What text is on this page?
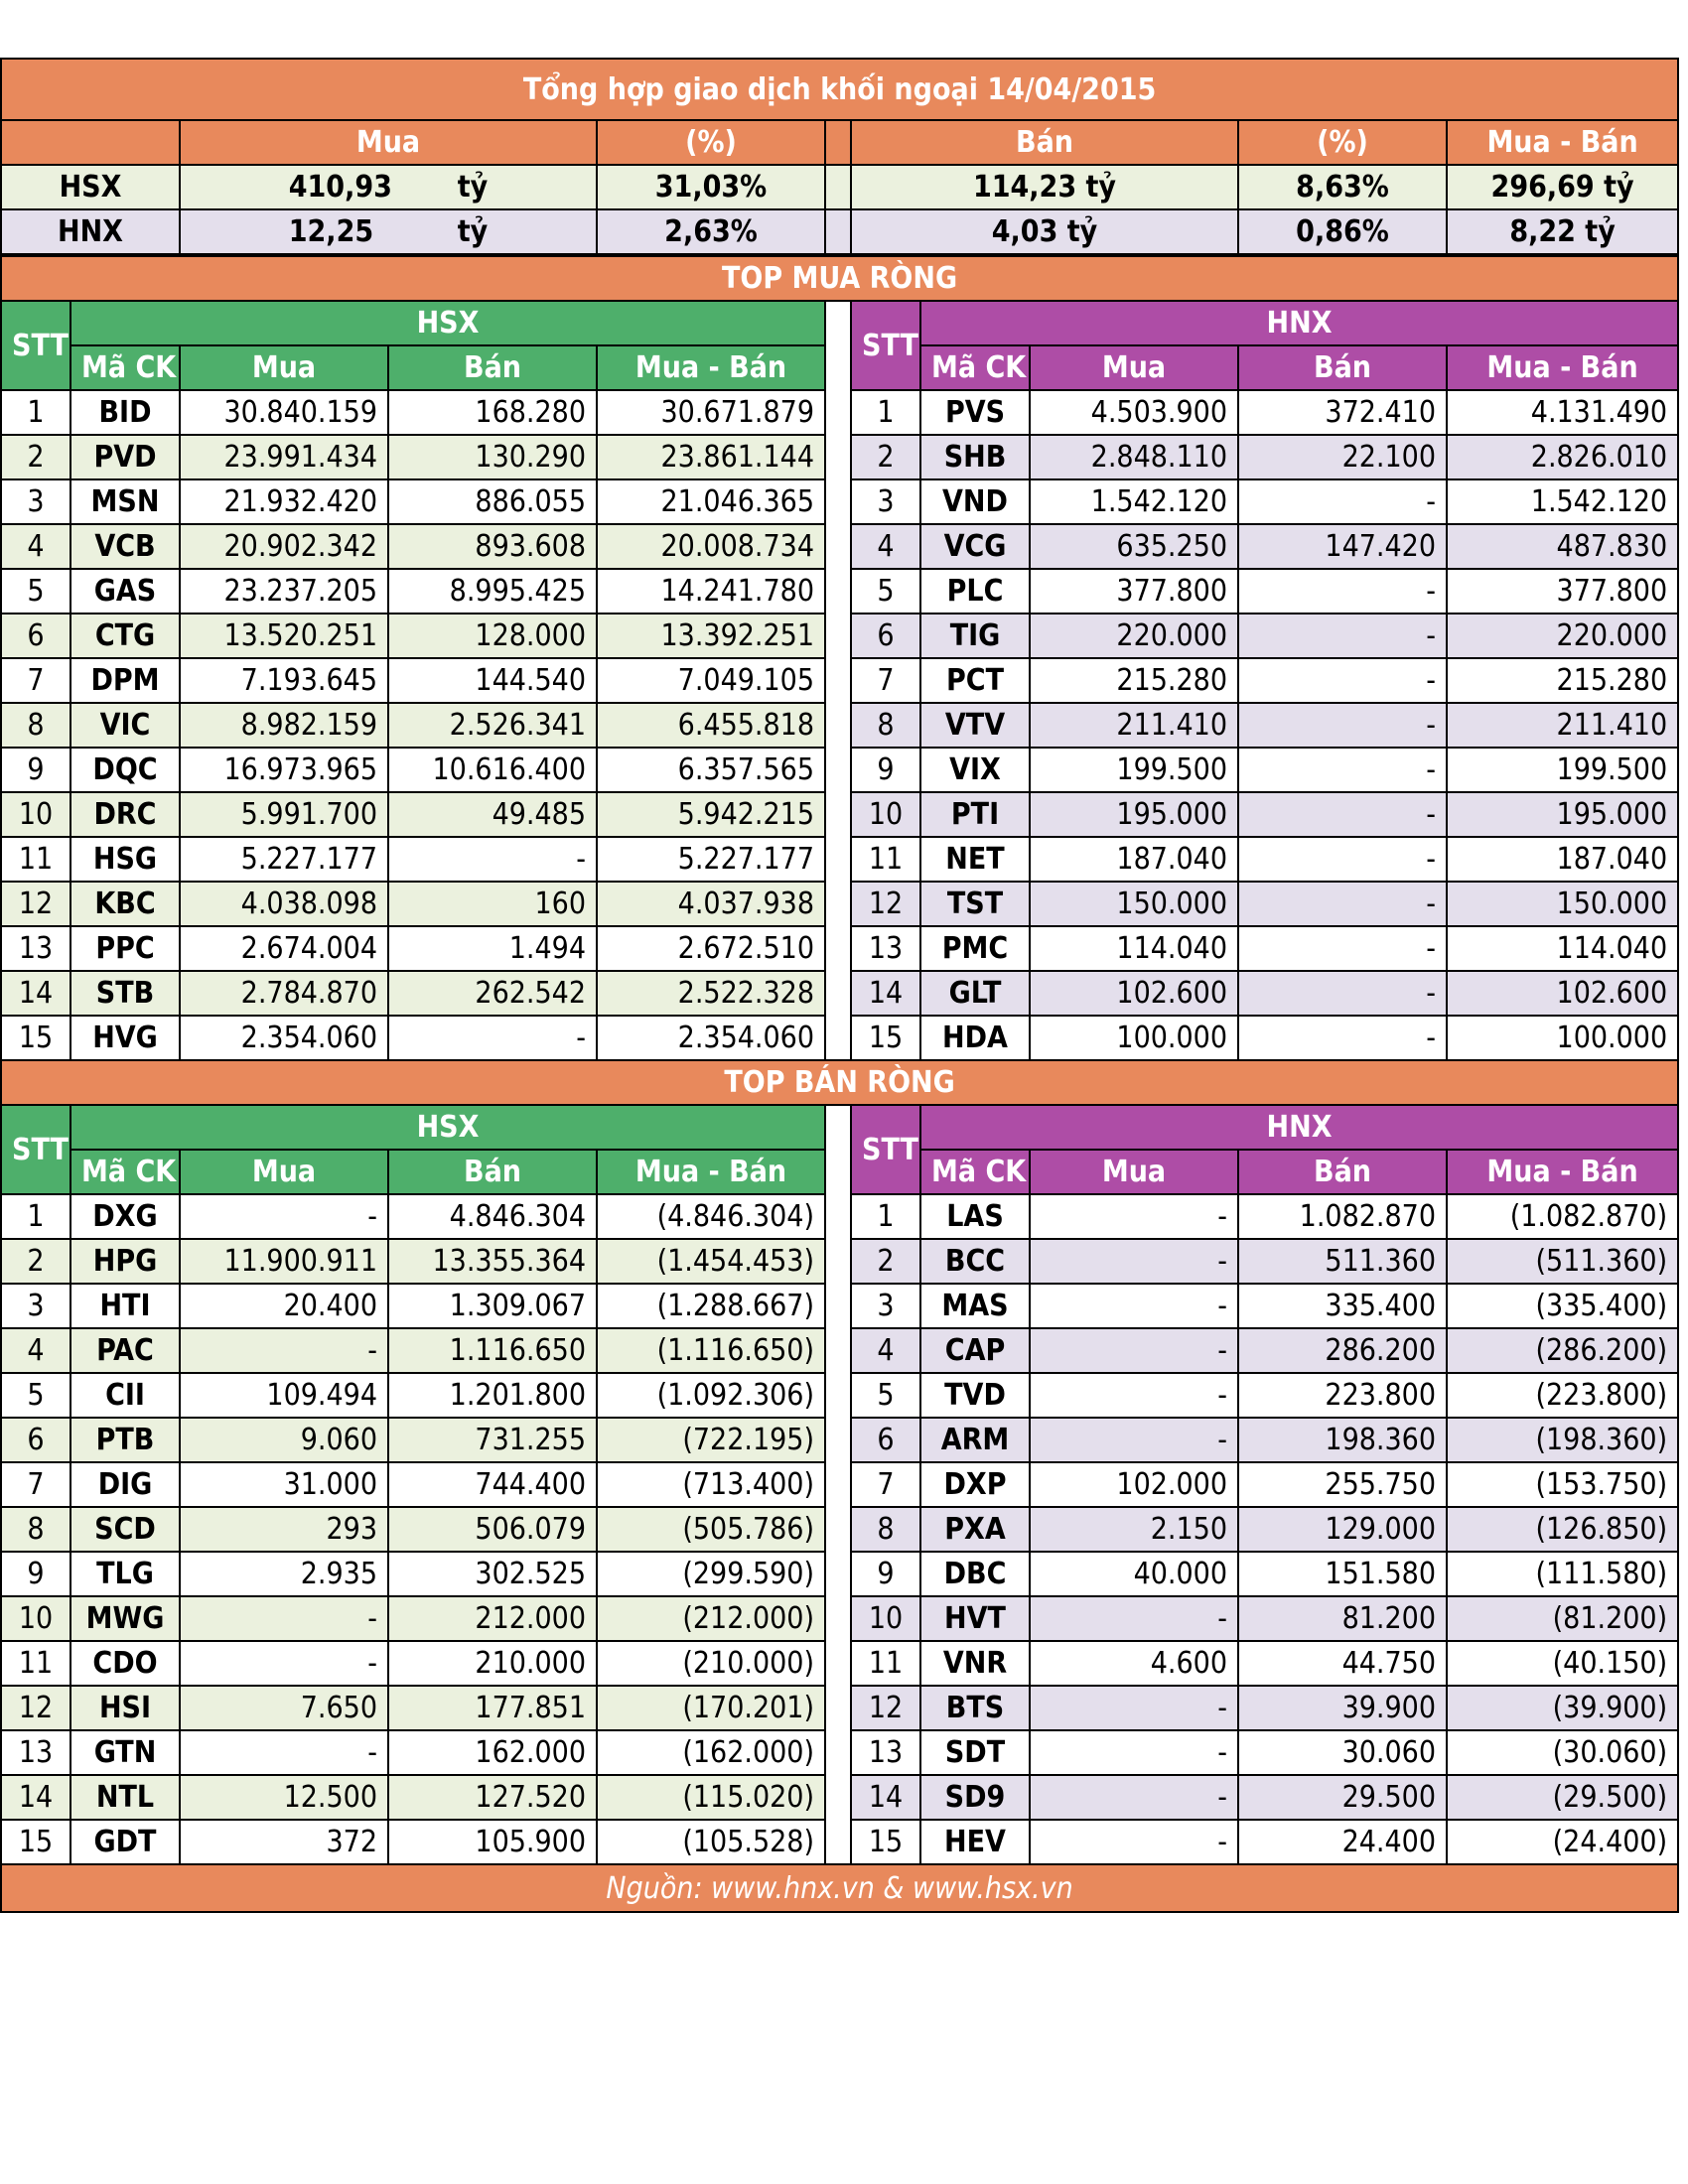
Tổng hợp giao dịch khối ngoại 14/04/2015						
	Mua	(%)		Bán	(%)	Mua - Bán
HSX	410,93 tỷ	31,03%		114,23 tỷ	8,63%	296,69 tỷ
HNX	12,25 tỷ	2,63%		4,03 tỷ	0,86%	8,22 tỷ
TOP MUA RÒNG										
STT	HSX					STT	HNX			
	Mã CK	Mua	Bán	Mua - Bán			Mã CK	Mua	Bán	Mua - Bán
1	BID	30.840.159	168.280	30.671.879		1	PVS	4.503.900	372.410	4.131.490
2	PVD	23.991.434	130.290	23.861.144		2	SHB	2.848.110	22.100	2.826.010
3	MSN	21.932.420	886.055	21.046.365		3	VND	1.542.120	-	1.542.120
4	VCB	20.902.342	893.608	20.008.734		4	VCG	635.250	147.420	487.830
5	GAS	23.237.205	8.995.425	14.241.780		5	PLC	377.800	-	377.800
6	CTG	13.520.251	128.000	13.392.251		6	TIG	220.000	-	220.000
7	DPM	7.193.645	144.540	7.049.105		7	PCT	215.280	-	215.280
8	VIC	8.982.159	2.526.341	6.455.818		8	VTV	211.410	-	211.410
9	DQC	16.973.965	10.616.400	6.357.565		9	VIX	199.500	-	199.500
10	DRC	5.991.700	49.485	5.942.215		10	PTI	195.000	-	195.000
11	HSG	5.227.177	-	5.227.177		11	NET	187.040	-	187.040
12	KBC	4.038.098	160	4.037.938		12	TST	150.000	-	150.000
13	PPC	2.674.004	1.494	2.672.510		13	PMC	114.040	-	114.040
14	STB	2.784.870	262.542	2.522.328		14	GLT	102.600	-	102.600
15	HVG	2.354.060	-	2.354.060		15	HDA	100.000	-	100.000
TOP BÁN RÒNG										
STT	HSX					STT	HNX			
	Mã CK	Mua	Bán	Mua - Bán			Mã CK	Mua	Bán	Mua - Bán
1	DXG	-	4.846.304	(4.846.304)		1	LAS	-	1.082.870	(1.082.870)
2	HPG	11.900.911	13.355.364	(1.454.453)		2	BCC	-	511.360	(511.360)
3	HTI	20.400	1.309.067	(1.288.667)		3	MAS	-	335.400	(335.400)
4	PAC	-	1.116.650	(1.116.650)		4	CAP	-	286.200	(286.200)
5	CII	109.494	1.201.800	(1.092.306)		5	TVD	-	223.800	(223.800)
6	PTB	9.060	731.255	(722.195)		6	ARM	-	198.360	(198.360)
7	DIG	31.000	744.400	(713.400)		7	DXP	102.000	255.750	(153.750)
8	SCD	293	506.079	(505.786)		8	PXA	2.150	129.000	(126.850)
9	TLG	2.935	302.525	(299.590)		9	DBC	40.000	151.580	(111.580)
10	MWG	-	212.000	(212.000)		10	HVT	-	81.200	(81.200)
11	CDO	-	210.000	(210.000)		11	VNR	4.600	44.750	(40.150)
12	HSI	7.650	177.851	(170.201)		12	BTS	-	39.900	(39.900)
13	GTN	-	162.000	(162.000)		13	SDT	-	30.060	(30.060)
14	NTL	12.500	127.520	(115.020)		14	SD9	-	29.500	(29.500)
15	GDT	372	105.900	(105.528)		15	HEV	-	24.400	(24.400)
Nguồn: www.hnx.vn & www.hsx.vn										
